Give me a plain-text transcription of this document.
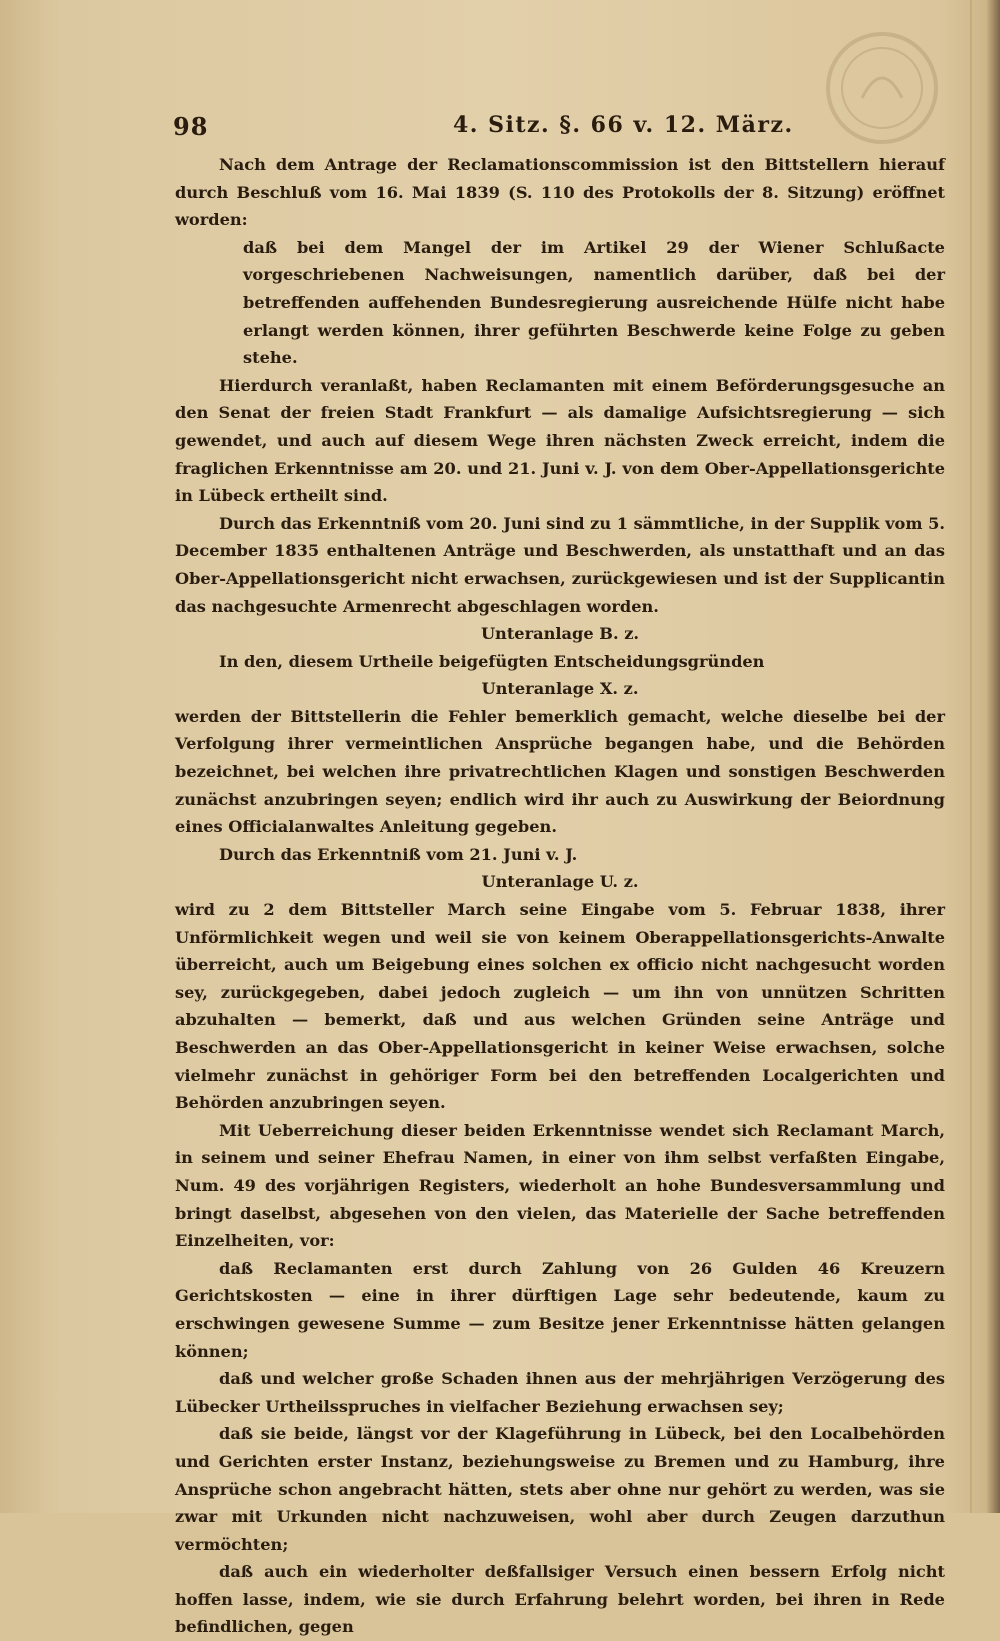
98	4. Sitz. §. 66 v. 12. März.

Nach dem Antrage der Reclamationscommission ist den Bittstellern hierauf durch Beschluß vom 16. Mai 1839 (S. 110 des Protokolls der 8. Sitzung) eröffnet worden:

daß bei dem Mangel der im Artikel 29 der Wiener Schlußacte vorgeschriebenen Nachweisungen, namentlich darüber, daß bei der betreffenden auffehenden Bundesregierung ausreichende Hülfe nicht habe erlangt werden können, ihrer geführten Beschwerde keine Folge zu geben stehe.

Hierdurch veranlaßt, haben Reclamanten mit einem Beförderungsgesuche an den Senat der freien Stadt Frankfurt — als damalige Aufsichtsregierung — sich gewendet, und auch auf diesem Wege ihren nächsten Zweck erreicht, indem die fraglichen Erkenntnisse am 20. und 21. Juni v. J. von dem Ober-Appellationsgerichte in Lübeck ertheilt sind.

Durch das Erkenntniß vom 20. Juni sind zu 1 sämmtliche, in der Supplik vom 5. December 1835 enthaltenen Anträge und Beschwerden, als unstatthaft und an das Ober-Appellationsgericht nicht erwachsen, zurückgewiesen und ist der Supplicantin das nachgesuchte Armenrecht abgeschlagen worden.

Unteranlage B. z.

In den, diesem Urtheile beigefügten Entscheidungsgründen

Unteranlage X. z.

werden der Bittstellerin die Fehler bemerklich gemacht, welche dieselbe bei der Verfolgung ihrer vermeintlichen Ansprüche begangen habe, und die Behörden bezeichnet, bei welchen ihre privatrechtlichen Klagen und sonstigen Beschwerden zunächst anzubringen seyen; endlich wird ihr auch zu Auswirkung der Beiordnung eines Officialanwaltes Anleitung gegeben.

Durch das Erkenntniß vom 21. Juni v. J.

Unteranlage U. z.

wird zu 2 dem Bittsteller March seine Eingabe vom 5. Februar 1838, ihrer Unförmlichkeit wegen und weil sie von keinem Oberappellationsgerichts-Anwalte überreicht, auch um Beigebung eines solchen ex officio nicht nachgesucht worden sey, zurückgegeben, dabei jedoch zugleich — um ihn von unnützen Schritten abzuhalten — bemerkt, daß und aus welchen Gründen seine Anträge und Beschwerden an das Ober-Appellationsgericht in keiner Weise erwachsen, solche vielmehr zunächst in gehöriger Form bei den betreffenden Localgerichten und Behörden anzubringen seyen.

Mit Ueberreichung dieser beiden Erkenntnisse wendet sich Reclamant March, in seinem und seiner Ehefrau Namen, in einer von ihm selbst verfaßten Eingabe, Num. 49 des vorjährigen Registers, wiederholt an hohe Bundesversammlung und bringt daselbst, abgesehen von den vielen, das Materielle der Sache betreffenden Einzelheiten, vor:

daß Reclamanten erst durch Zahlung von 26 Gulden 46 Kreuzern Gerichtskosten — eine in ihrer dürftigen Lage sehr bedeutende, kaum zu erschwingen gewesene Summe — zum Besitze jener Erkenntnisse hätten gelangen können;

daß und welcher große Schaden ihnen aus der mehrjährigen Verzögerung des Lübecker Urtheilsspruches in vielfacher Beziehung erwachsen sey;

daß sie beide, längst vor der Klageführung in Lübeck, bei den Localbehörden und Gerichten erster Instanz, beziehungsweise zu Bremen und zu Hamburg, ihre Ansprüche schon angebracht hätten, stets aber ohne nur gehört zu werden, was sie zwar mit Urkunden nicht nachzuweisen, wohl aber durch Zeugen darzuthun vermöchten;

daß auch ein wiederholter deßfallsiger Versuch einen bessern Erfolg nicht hoffen lasse, indem, wie sie durch Erfahrung belehrt worden, bei ihren in Rede befindlichen, gegen
